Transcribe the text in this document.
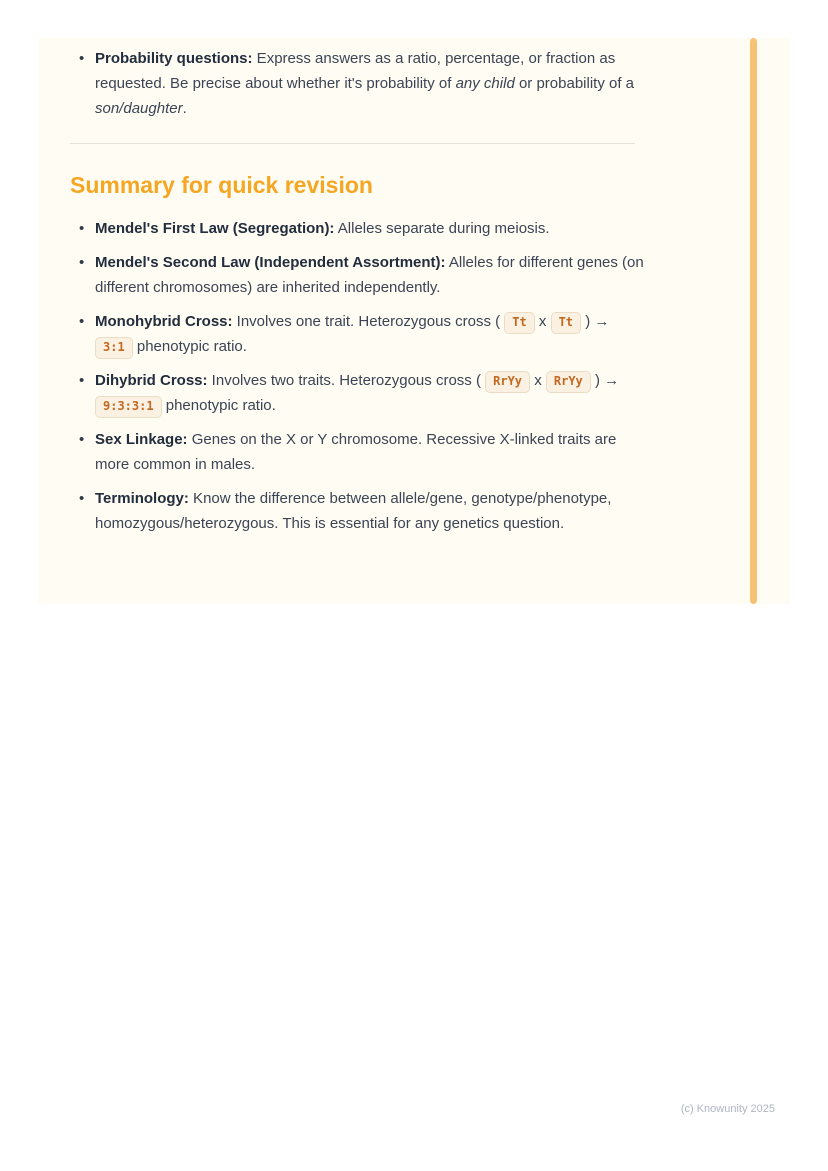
• Probability questions: Express answers as a ratio, percentage, or fraction as requested. Be precise about whether it's probability of any child or probability of a son/daughter.
Summary for quick revision
• Mendel's First Law (Segregation): Alleles separate during meiosis.
• Mendel's Second Law (Independent Assortment): Alleles for different genes (on different chromosomes) are inherited independently.
• Monohybrid Cross: Involves one trait. Heterozygous cross ( Tt x Tt ) → 3:1 phenotypic ratio.
• Dihybrid Cross: Involves two traits. Heterozygous cross ( RrYy x RrYy ) → 9:3:3:1 phenotypic ratio.
• Sex Linkage: Genes on the X or Y chromosome. Recessive X-linked traits are more common in males.
• Terminology: Know the difference between allele/gene, genotype/phenotype, homozygous/heterozygous. This is essential for any genetics question.
(c) Knowunity 2025
